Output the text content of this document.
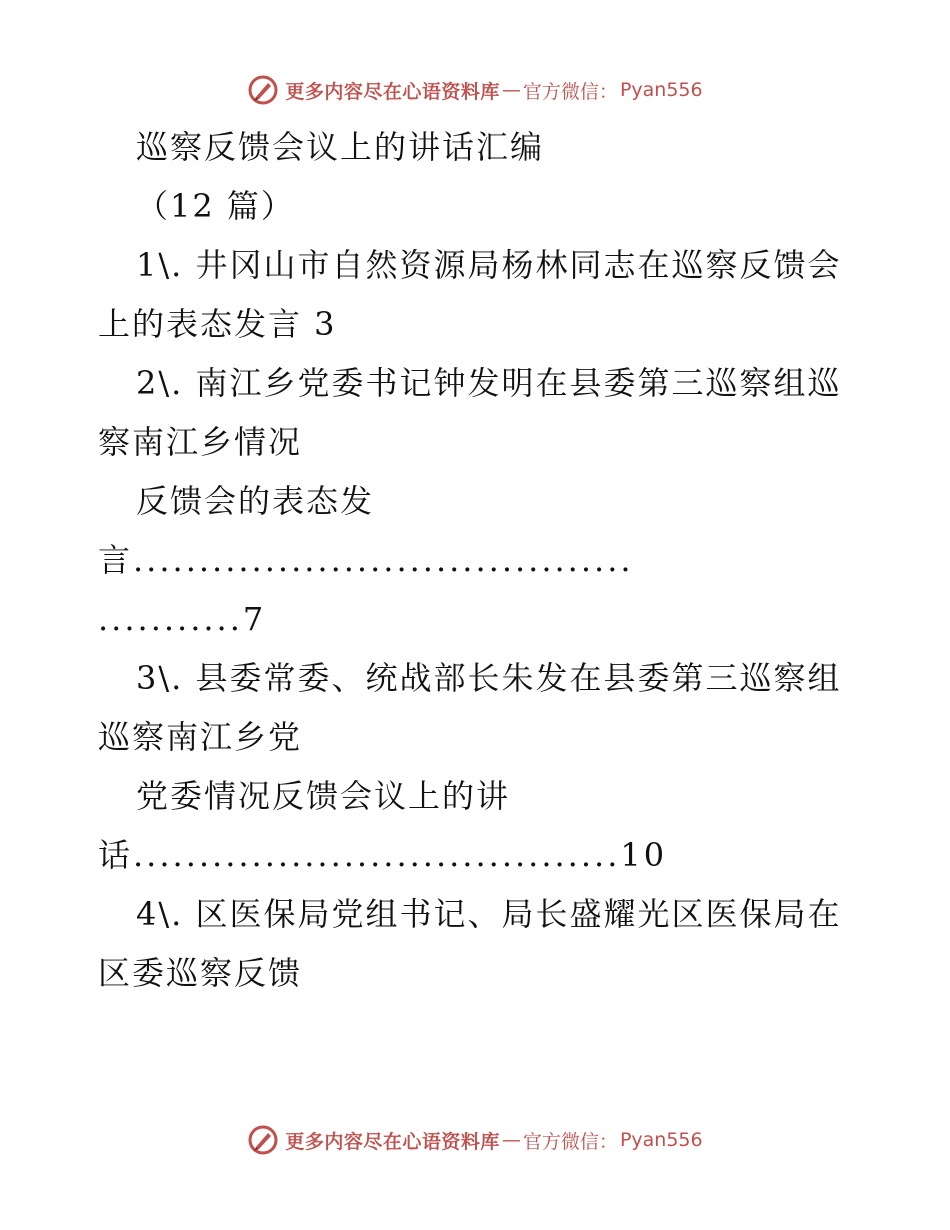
更多内容尽在心语资料库 — 官方微信： Pyan556
巡察反馈会议上的讲话汇编
（12 篇）
1\. 井冈山市自然资源局杨林同志在巡察反馈会
上的表态发言 3
2\. 南江乡党委书记钟发明在县委第三巡察组巡
察南江乡情况
反馈会的表态发
言......................................
...........7
3\. 县委常委、统战部长朱发在县委第三巡察组
巡察南江乡党
党委情况反馈会议上的讲
话.....................................10
4\. 区医保局党组书记、局长盛耀光区医保局在
区委巡察反馈
更多内容尽在心语资料库 — 官方微信： Pyan556
